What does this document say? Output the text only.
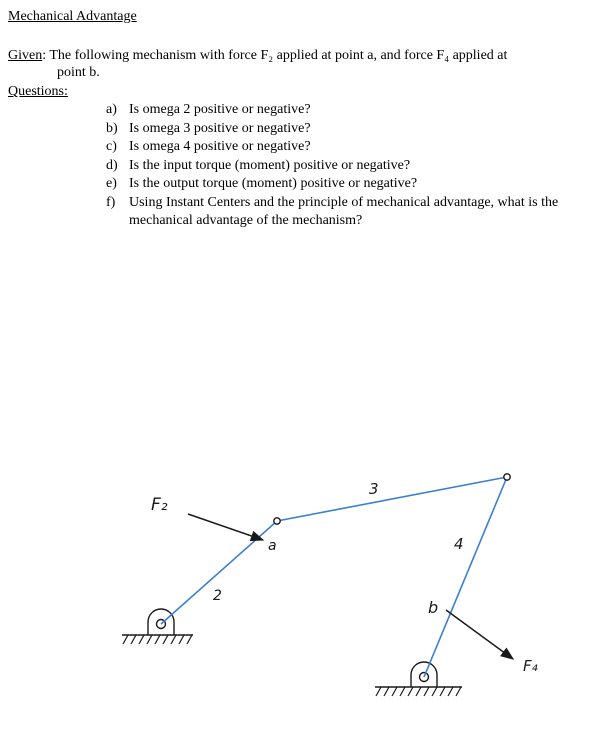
Mechanical Advantage
Given: The following mechanism with force F₂ applied at point a, and force F₄ applied at
point b.
Questions:
a) Is omega 2 positive or negative?
b) Is omega 3 positive or negative?
c) Is omega 4 positive or negative?
d) Is the input torque (moment) positive or negative?
e) Is the output torque (moment) positive or negative?
f) Using Instant Centers and the principle of mechanical advantage, what is the mechanical advantage of the mechanism?
F₂
2
a
3
4
b
F₄
